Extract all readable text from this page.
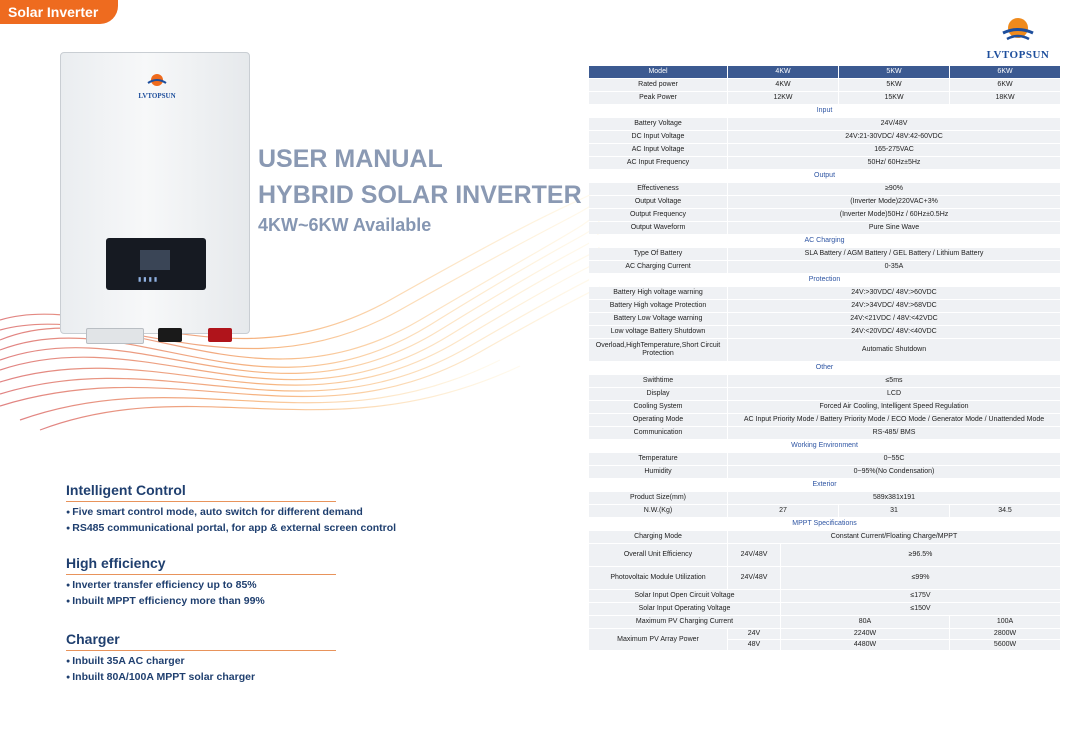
Solar Inverter
LVTOPSUN
▮▮▮▮
USER MANUAL
HYBRID SOLAR INVERTER
4KW~6KW Available
Intelligent Control
● Five smart control mode, auto switch for different demand
● RS485 communicational portal, for app & external screen control
High efficiency
● Inverter transfer efficiency up to 85%
● Inbuilt MPPT efficiency more than 99%
Charger
● Inbuilt 35A AC charger
● Inbuilt 80A/100A MPPT solar charger
LVTOPSUN
Model	4KW		5KW	6KW
Rated power	4KW		5KW	6KW
Peak Power	12KW		15KW	18KW
Input				
Battery Voltage	24V/48V			
DC Input Voltage	24V:21-30VDC/ 48V:42-60VDC			
AC Input Voltage	165-275VAC			
AC Input Frequency	50Hz/ 60Hz±5Hz			
Output				
Effectiveness	≥90%			
Output Voltage	(Inverter Mode)220VAC+3%			
Output Frequency	(Inverter Mode)50Hz / 60Hz±0.5Hz			
Output Waveform	Pure Sine Wave			
AC Charging				
Type Of Battery	SLA Battery / AGM Battery / GEL Battery / Lithium Battery			
AC Charging Current	0-35A			
Protection				
Battery High voltage warning	24V:>30VDC/ 48V:>60VDC			
Battery High voltage Protection	24V:>34VDC/ 48V:>68VDC			
Battery Low Voltage warning	24V:<21VDC / 48V:<42VDC			
Low voltage Battery Shutdown	24V:<20VDC/ 48V:<40VDC			
Overload,HighTemperature,Short Circuit Protection	Automatic Shutdown			
Other				
Swithtime	≤5ms			
Display	LCD			
Cooling System	Forced Air Cooling, Intelligent Speed Regulation			
Operating Mode	AC Input Priority Mode / Battery Priority Mode / ECO Mode / Generator Mode / Unattended Mode			
Communication	RS-485/ BMS			
Working Environment				
Temperature	0~55C			
Humidity	0~95%(No Condensation)			
Exterior				
Product Size(mm)	589x381x191			
N.W.(Kg)	27		31	34.5
MPPT Specifications				
Charging Mode	Constant Current/Floating Charge/MPPT			
Overall Unit Efficiency	24V/48V	≥96.5%		
Photovoltaic Module Utilization	24V/48V	≤99%		
Solar Input Open Circuit Voltage		≤175V		
Solar Input Operating Voltage		≤150V		
Maximum PV Charging Current		80A		100A
Maximum PV Array Power	24V	2240W		2800W
	48V	4480W		5600W
